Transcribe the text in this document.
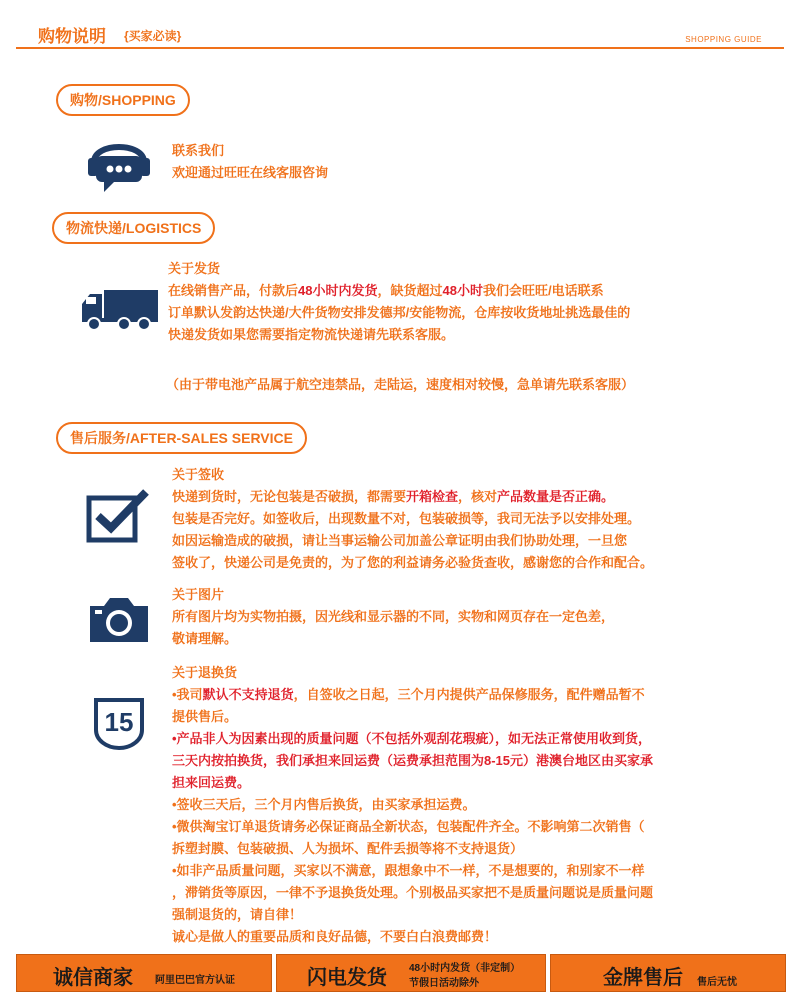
购物说明 {买家必读}	SHOPPING GUIDE
购物/SHOPPING
联系我们
欢迎通过旺旺在线客服咨询
物流快递/LOGISTICS
关于发货
在线销售产品，付款后48小时内发货，缺货超过48小时我们会旺旺/电话联系
订单默认发韵达快递/大件货物安排发德邦/安能物流，仓库按收货地址挑选最佳的
快递发货如果您需要指定物流快递请先联系客服。
（由于带电池产品属于航空违禁品，走陆运，速度相对较慢，急单请先联系客服）
售后服务/AFTER-SALES SERVICE
关于签收
快递到货时，无论包装是否破损，都需要开箱检查，核对产品数量是否正确。
包装是否完好。如签收后，出现数量不对，包装破损等，我司无法予以安排处理。
如因运输造成的破损，请让当事运输公司加盖公章证明由我们协助处理，一旦您
签收了，快递公司是免责的，为了您的利益请务必验货查收，感谢您的合作和配合。
关于图片
所有图片均为实物拍摄，因光线和显示器的不同，实物和网页存在一定色差，
敬请理解。
15
关于退换货
•我司默认不支持退货，自签收之日起，三个月内提供产品保修服务，配件赠品暂不
提供售后。
•产品非人为因素出现的质量问题（不包括外观刮花瑕疵），如无法正常使用收到货，
三天内按拍换货，我们承担来回运费（运费承担范围为8-15元）港澳台地区由买家承
担来回运费。
•签收三天后，三个月内售后换货，由买家承担运费。
•微供淘宝订单退货请务必保证商品全新状态，包装配件齐全。不影响第二次销售（
拆塑封膜、包装破损、人为损坏、配件丢损等将不支持退货）
•如非产品质量问题，买家以不满意，跟想象中不一样，不是想要的，和别家不一样
，滞销货等原因，一律不予退换货处理。个别极品买家把不是质量问题说是质量问题
强制退货的，请自律！
诚心是做人的重要品质和良好品德，不要白白浪费邮费！
诚信商家 阿里巴巴官方认证	闪电发货 48小时内发货（非定制）
节假日活动除外	金牌售后 售后无忧
